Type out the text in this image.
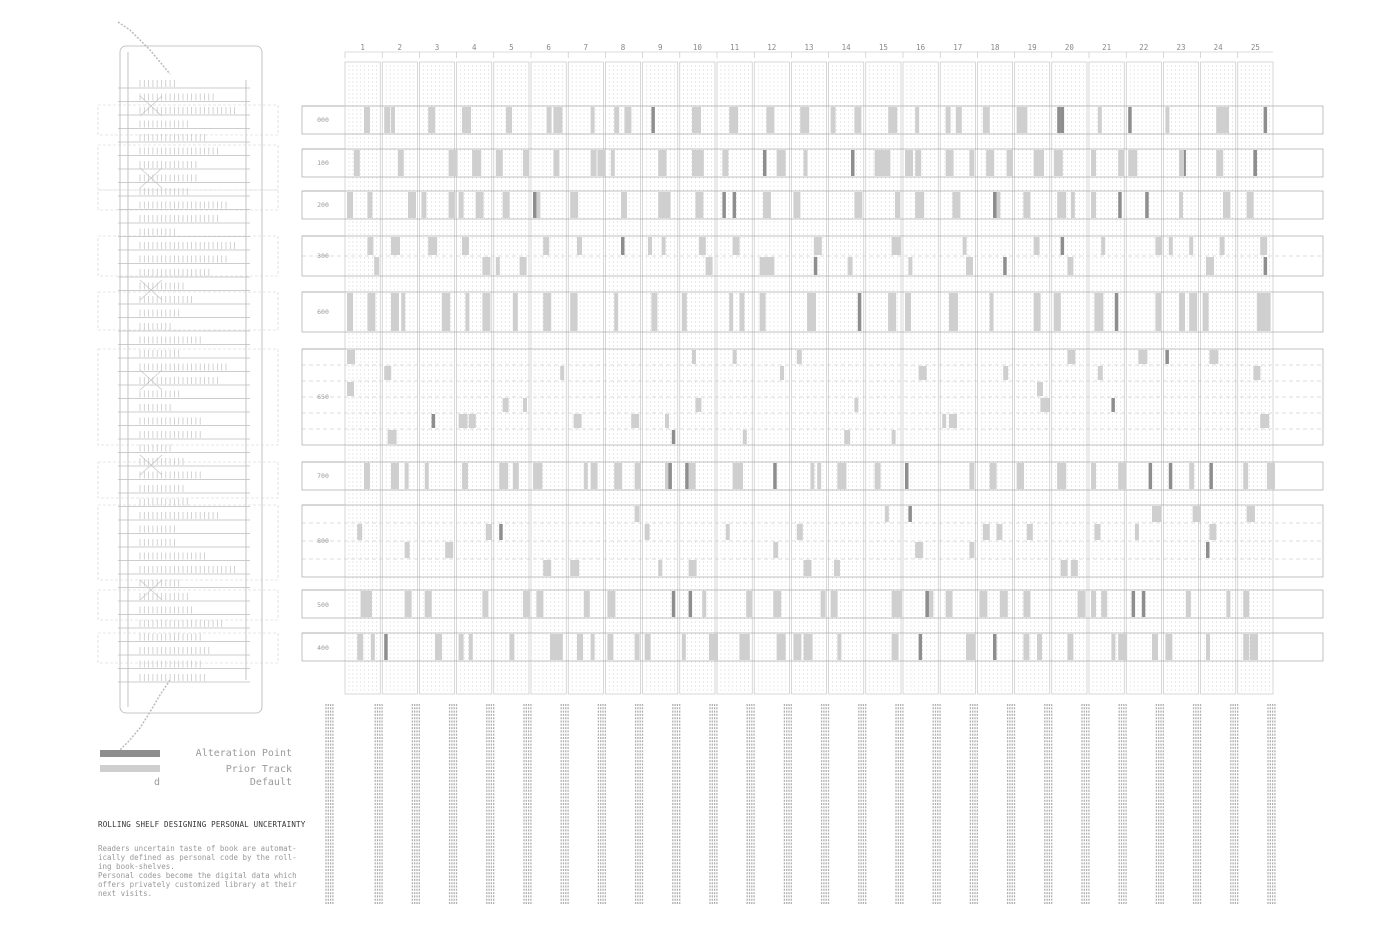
1	2	3	4	5	6	7	8	9	10	11	12	13	14	15	16	17	18	19	20	21	22	23	24	25
000
100
200
300
600
650
700
800
500
400
Alteration Point
Prior Track
Default
d
ROLLING SHELF DESIGNING PERSONAL UNCERTAINTY
Readers uncertain taste of book are automat-
ically defined as personal code by the roll-
ing book-shelves.
Personal codes become the digital data which
offers privately customized library at their
next visits.
